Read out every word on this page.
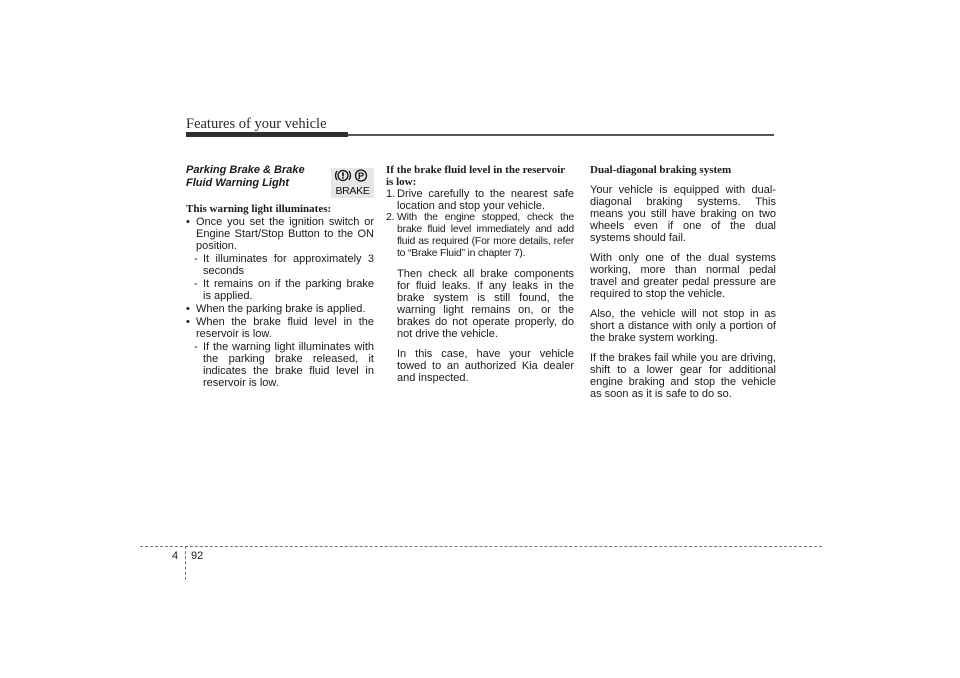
Features of your vehicle

Parking Brake & Brake
Fluid Warning Light

P
BRAKE

This warning light illuminates:

• Once you set the ignition switch or Engine Start/Stop Button to the ON position.

- It illuminates for approximately 3 seconds

- It remains on if the parking brake is applied.

• When the parking brake is applied.

• When the brake fluid level in the reservoir is low.

- If the warning light illuminates with the parking brake released, it indicates the brake fluid level in reservoir is low.

If the brake fluid level in the reservoir is low:

1. Drive carefully to the nearest safe location and stop your vehicle.

2. With the engine stopped, check the brake fluid level immediately and add fluid as required (For more details, refer to “Brake Fluid” in chapter 7).

Then check all brake components for fluid leaks. If any leaks in the brake system is still found, the warning light remains on, or the brakes do not operate properly, do not drive the vehicle.

In this case, have your vehicle towed to an authorized Kia dealer and inspected.

Dual-diagonal braking system

Your vehicle is equipped with dual-diagonal braking systems. This means you still have braking on two wheels even if one of the dual systems should fail.

With only one of the dual systems working, more than normal pedal travel and greater pedal pressure are required to stop the vehicle.

Also, the vehicle will not stop in as short a distance with only a portion of the brake system working.

If the brakes fail while you are driving, shift to a lower gear for additional engine braking and stop the vehicle as soon as it is safe to do so.

4 92
